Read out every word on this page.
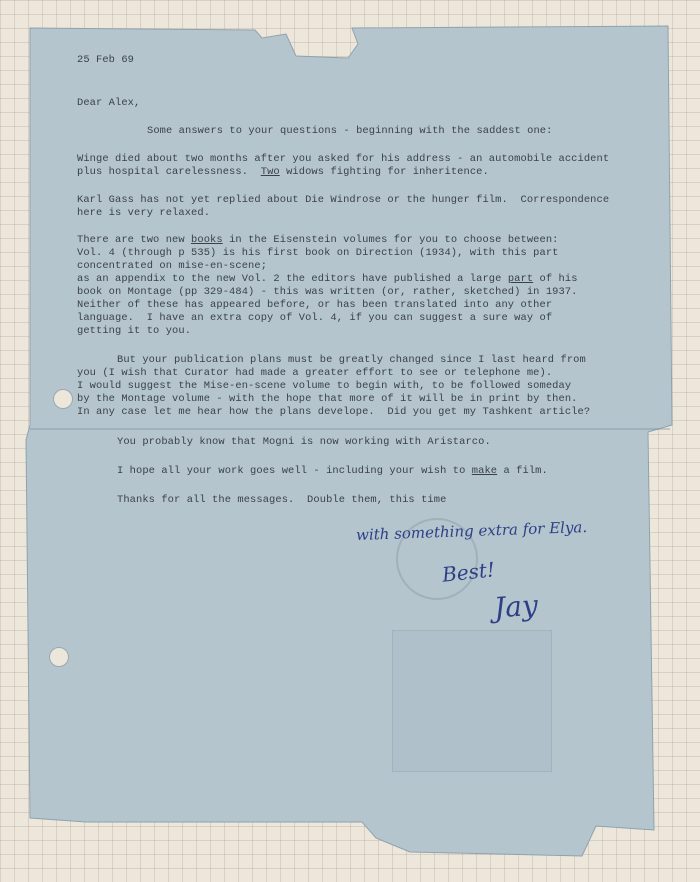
25 Feb 69
Dear Alex,
Some answers to your questions - beginning with the saddest one:
Winge died about two months after you asked for his address - an automobile accident
plus hospital carelessness. Two widows fighting for inheritence.
Karl Gass has not yet replied about Die Windrose or the hunger film.  Correspondence
here is very relaxed.
There are two new books in the Eisenstein volumes for you to choose between:
Vol. 4 (through p 535) is his first book on Direction (1934), with this part
concentrated on mise-en-scene;
as an appendix to the new Vol. 2 the editors have published a large part of his
book on Montage (pp 329-484) - this was written (or, rather, sketched) in 1937.
Neither of these has appeared before, or has been translated into any other
language.  I have an extra copy of Vol. 4, if you can suggest a sure way of
getting it to you.
But your publication plans must be greatly changed since I last heard from
you (I wish that Curator had made a greater effort to see or telephone me).
I would suggest the Mise-en-scene volume to begin with, to be followed someday
by the Montage volume - with the hope that more of it will be in print by then.
In any case let me hear how the plans develope.  Did you get my Tashkent article?
You probably know that Mogni is now working with Aristarco.
I hope all your work goes well - including your wish to make a film.
Thanks for all the messages.  Double them, this time
with something extra for Elya.
Best!
Jay
